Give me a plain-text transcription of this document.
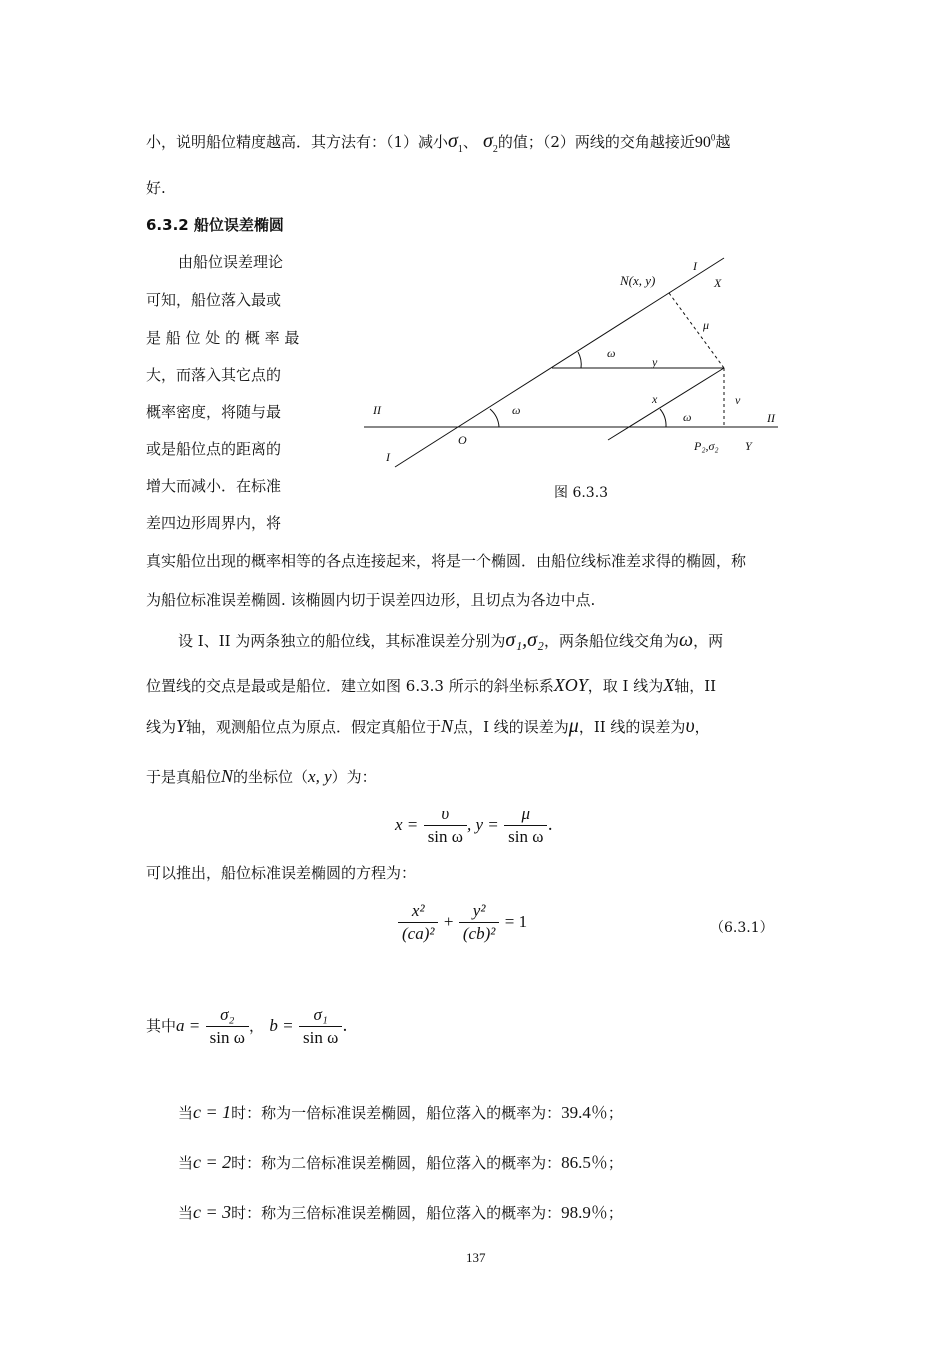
小，说明船位精度越高．其方法有：（1）减小$\sigma_1$、 $\sigma_2$的值；（2）两线的交角越接近$90^0$越
好.
6.3.2 船位误差椭圆
由船位误差理论
可知，船位落入最或
是 船 位 处 的 概 率 最
大，而落入其它点的
概率密度，将随与最
或是船位点的距离的
增大而减小．在标准
差四边形周界内，将
N(x, y)
I
X
μ
ω
y
II	ω
x	v
ω	II
O
I
P₂,σ₂ Y
图 6.3.3
真实船位出现的概率相等的各点连接起来，将是一个椭圆．由船位线标准差求得的椭圆，称
为船位标准误差椭圆. 该椭圆内切于误差四边形，且切点为各边中点.
设 I、II 为两条独立的船位线，其标准误差分别为σ₁,σ₂，两条船位线交角为ω，两
位置线的交点是最或是船位．建立如图 6.3.3 所示的斜坐标系XOY，取 I 线为X轴，II
线为Y轴，观测船位点为原点．假定真船位于N点，I 线的误差为μ，II 线的误差为υ，
于是真船位N的坐标位（x, y）为：
$x = \frac{\upsilon}{\text{sin ω}}$ , $y = \frac{\mu}{\text{sin ω}}$ .
可以推出，船位标准误差椭圆的方程为：
$\frac{\text{x²}}{\text{(ca)²}} + \frac{\text{y²}}{\text{(cb)²}} = 1$	（6.3.1）
其中$a = \frac{\text{σ₂}}{\text{sin ω}}$ ， $b = \frac{\text{σ₁}}{\text{sin ω}}$ .
当c = 1时：称为一倍标准误差椭圆，船位落入的概率为：39.4％；
当c = 2时：称为二倍标准误差椭圆，船位落入的概率为：86.5％；
当c = 3时：称为三倍标准误差椭圆，船位落入的概率为：98.9％；
137
